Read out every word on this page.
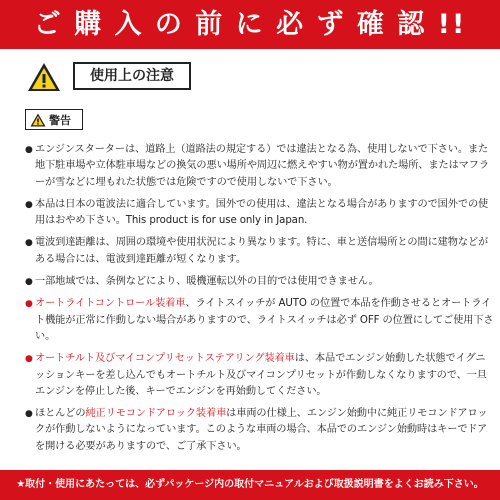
ご 購 入 の 前 に 必 ず 確 認 !!
使用上の注意
警告
● エンジンスターターは、道路上（道路法の規定する）では違法となる為、使用しないで下さい。また地下駐車場や立体駐車場などの換気の悪い場所や周辺に燃えやすい物が置かれた場所、またはマフラーが雪などに埋もれた状態では危険ですので使用しないで下さい。
● 本品は日本の電波法に適合しています。国外での使用は、違法となる場合がありますので国外での使用はおやめ下さい。This product is for use only in Japan.
● 電波到達距離は、周囲の環境や使用状況により異なります。特に、車と送信場所との間に建物などがある場合には、電波到達距離が短くなります。
● 一部地域では、条例などにより、暖機運転以外の目的では使用できません。
● オートライトコントロール装着車、ライトスイッチが AUTO の位置で本品を作動させるとオートライト機能が正常に作動しない場合がありますので、ライトスイッチは必ず OFF の位置にしてご使用下さい。
● オートチルト及びマイコンプリセットステアリング装着車は、本品でエンジン始動した状態でイグニッションキーを差し込んでもオートチルト及びマイコンプリセットが作動しなくなりますので、一旦エンジンを停止した後、キーでエンジンを再始動してください。
● ほとんどの純正リモコンドアロック装着車は車両の仕様上、エンジン始動中に純正リモコンドアロックが作動しないようになっています。このような車両の場合、本品でのエンジン始動時はキーでドアを開ける必要がありますので、ご了承下さい。
★取付・使用にあたっては、必ずパッケージ内の取付マニュアルおよび取扱説明書をよくお読み下さい。
